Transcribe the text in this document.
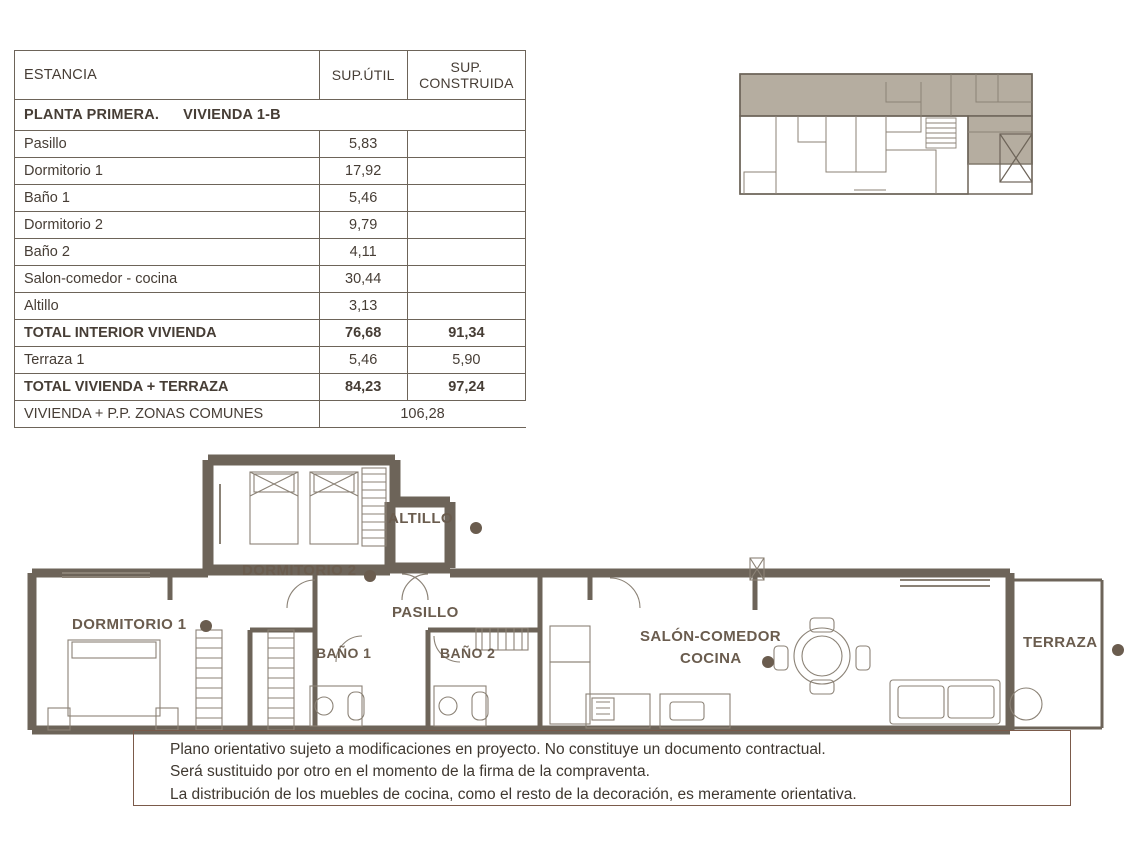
ESTANCIA	SUP.ÚTIL	SUP.
CONSTRUIDA

PLANTA PRIMERA. VIVIENDA 1-B		
Pasillo	5,83	
Dormitorio 1	17,92	
Baño 1	5,46	
Dormitorio 2	9,79	
Baño 2	4,11	
Salon-comedor - cocina	30,44	
Altillo	3,13	
TOTAL INTERIOR VIVIENDA	76,68	91,34
Terraza 1	5,46	5,90
TOTAL VIVIENDA + TERRAZA	84,23	97,24
VIVIENDA + P.P. ZONAS COMUNES	106,28	
DORMITORIO 1
DORMITORIO 2
ALTILLO
PASILLO
BAÑO 1	BAÑO 2
SALÓN-COMEDOR
COCINA
TERRAZA
Plano orientativo sujeto a modificaciones en proyecto. No constituye un documento contractual.
Será sustituido por otro en el momento de la firma de la compraventa.
La distribución de los muebles de cocina, como el resto de la decoración, es meramente orientativa.
